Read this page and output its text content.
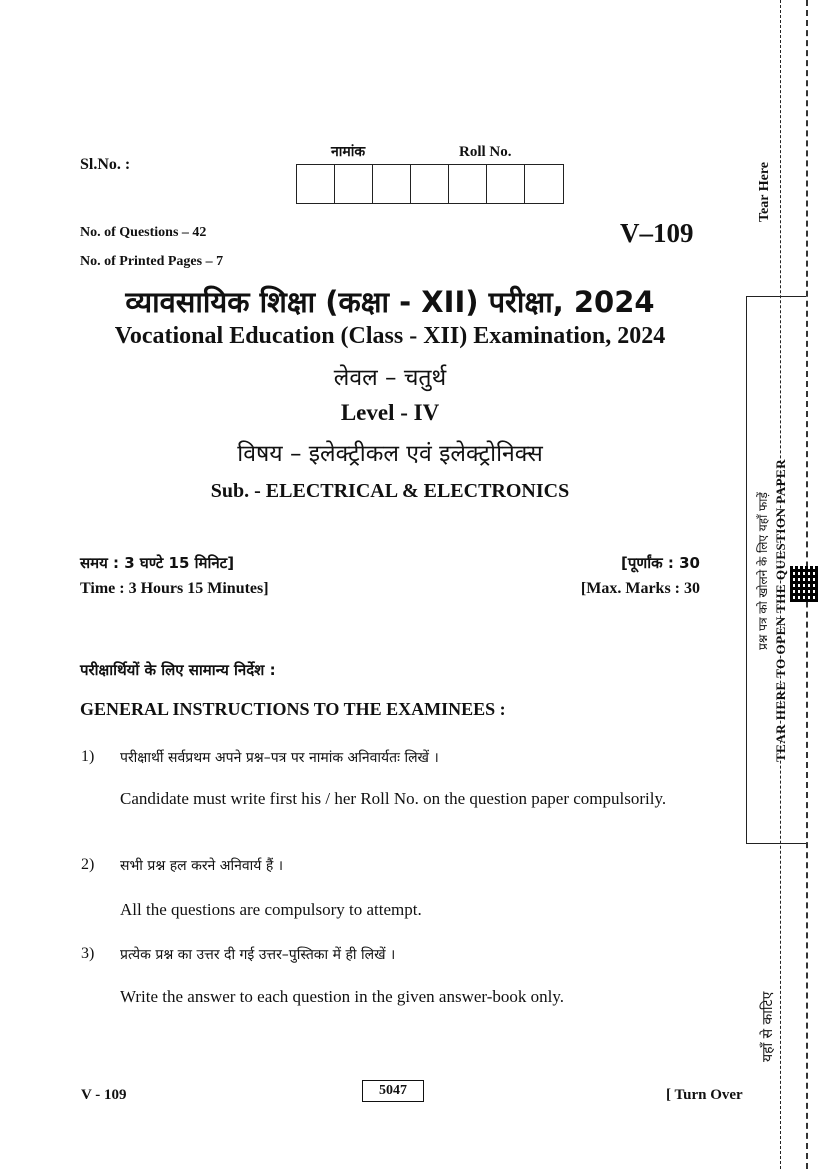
Sl.No. :
नामांक	Roll No.
No. of Questions – 42
No. of Printed Pages – 7
V–109
व्यावसायिक शिक्षा (कक्षा - XII) परीक्षा, 2024
Vocational Education (Class - XII) Examination, 2024
लेवल – चतुर्थ
Level - IV
विषय – इलेक्ट्रीकल एवं इलेक्ट्रोनिक्स
Sub. - ELECTRICAL & ELECTRONICS
समय : 3 घण्टे 15 मिनिट]
Time : 3 Hours 15 Minutes]
[पूर्णांक : 30
[Max. Marks : 30
परीक्षार्थियों के लिए सामान्य निर्देश :
GENERAL INSTRUCTIONS TO THE EXAMINEES :
1) परीक्षार्थी सर्वप्रथम अपने प्रश्न–पत्र पर नामांक अनिवार्यतः लिखें ।
Candidate must write first his / her Roll No. on the question paper compulsorily.
2) सभी प्रश्न हल करने अनिवार्य हैं ।
All the questions are compulsory to attempt.
3) प्रत्येक प्रश्न का उत्तर दी गई उत्तर–पुस्तिका में ही लिखें ।
Write the answer to each question in the given answer-book only.
V - 109	5047	[ Turn Over
Tear Here
TEAR HERE TO OPEN THE QUESTION PAPER
प्रश्न पत्र को खोलने के लिए यहाँ फाड़ें
यहाँ से काटिए
